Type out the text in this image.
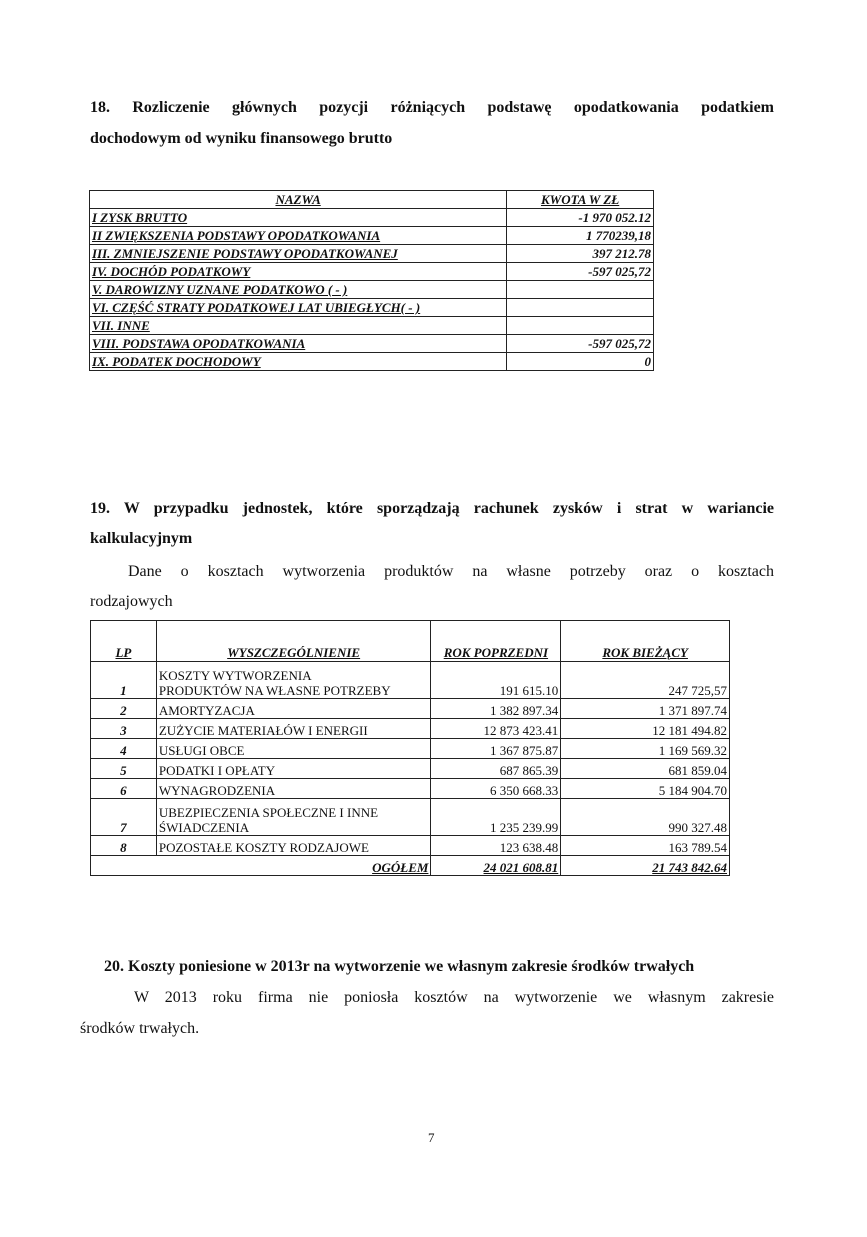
18. Rozliczenie głównych pozycji różniących podstawę opodatkowania podatkiem
dochodowym od wyniku finansowego brutto
NAZWA	KWOTA W ZŁ
I ZYSK BRUTTO	-1 970 052.12
II ZWIĘKSZENIA PODSTAWY OPODATKOWANIA	1 770239,18
III. ZMNIEJSZENIE PODSTAWY OPODATKOWANEJ	397 212.78
IV. DOCHÓD PODATKOWY	-597 025,72
V. DAROWIZNY UZNANE PODATKOWO ( - )	
VI. CZĘŚĆ STRATY PODATKOWEJ LAT UBIEGŁYCH( - )	
VII. INNE	
VIII. PODSTAWA OPODATKOWANIA	-597 025,72
IX. PODATEK DOCHODOWY	0
19. W przypadku jednostek, które sporządzają rachunek zysków i strat w wariancie
kalkulacyjnym
Dane o kosztach wytworzenia produktów na własne potrzeby oraz o kosztach
rodzajowych
LP	WYSZCZEGÓLNIENIE	ROK POPRZEDNI	ROK BIEŻĄCY
1	KOSZTY WYTWORZENIA
PRODUKTÓW NA WŁASNE POTRZEBY	191 615.10	247 725,57
2	AMORTYZACJA	1 382 897.34	1 371 897.74
3	ZUŻYCIE MATERIAŁÓW I ENERGII	12 873 423.41	12 181 494.82
4	USŁUGI OBCE	1 367 875.87	1 169 569.32
5	PODATKI I OPŁATY	687 865.39	681 859.04
6	WYNAGRODZENIA	6 350 668.33	5 184 904.70
7	UBEZPIECZENIA SPOŁECZNE I INNE
ŚWIADCZENIA	1 235 239.99	990 327.48
8	POZOSTAŁE KOSZTY RODZAJOWE	123 638.48	163 789.54
OGÓŁEM		24 021 608.81	21 743 842.64
20. Koszty poniesione w 2013r na wytworzenie we własnym zakresie środków trwałych
W 2013 roku firma nie poniosła kosztów na wytworzenie we własnym zakresie
środków trwałych.
7
